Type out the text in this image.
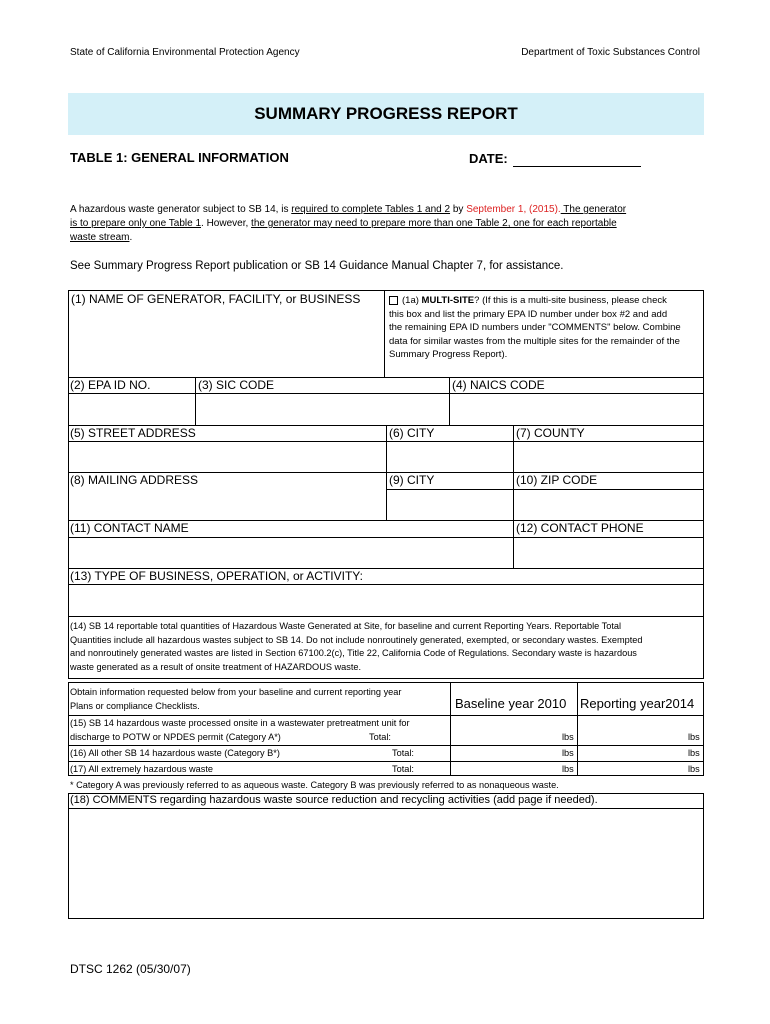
State of California Environmental Protection Agency	Department of Toxic Substances Control
SUMMARY PROGRESS REPORT
TABLE 1: GENERAL INFORMATION	DATE:
A hazardous waste generator subject to SB 14, is required to complete Tables 1 and 2 by September 1, (2015). The generator
is to prepare only one Table 1. However, the generator may need to prepare more than one Table 2, one for each reportable
waste stream.
See Summary Progress Report publication or SB 14 Guidance Manual Chapter 7, for assistance.
(1) NAME OF GENERATOR, FACILITY, or BUSINESS	(1a) MULTI-SITE? (If this is a multi-site business, please check
this box and list the primary EPA ID number under box #2 and add
the remaining EPA ID numbers under "COMMENTS" below. Combine
data for similar wastes from the multiple sites for the remainder of the
Summary Progress Report).
(2) EPA ID NO.	(3) SIC CODE	(4) NAICS CODE
(5) STREET ADDRESS	(6) CITY	(7) COUNTY
(8) MAILING ADDRESS	(9) CITY	(10) ZIP CODE
(11) CONTACT NAME	(12) CONTACT PHONE
(13) TYPE OF BUSINESS, OPERATION, or ACTIVITY:
(14) SB 14 reportable total quantities of Hazardous Waste Generated at Site, for baseline and current Reporting Years. Reportable Total
Quantities include all hazardous wastes subject to SB 14. Do not include nonroutinely generated, exempted, or secondary wastes. Exempted
and nonroutinely generated wastes are listed in Section 67100.2(c), Title 22, California Code of Regulations. Secondary waste is hazardous
waste generated as a result of onsite treatment of HAZARDOUS waste.
Obtain information requested below from your baseline and current reporting year
Plans or compliance Checklists.	Baseline year 2010 Reporting year2014
(15) SB 14 hazardous waste processed onsite in a wastewater pretreatment unit for
discharge to POTW or NPDES permit (Category A*)	Total:	lbs	lbs
(16) All other SB 14 hazardous waste (Category B*)	Total:	lbs	lbs
(17) All extremely hazardous waste	Total:	lbs	lbs
* Category A was previously referred to as aqueous waste. Category B was previously referred to as nonaqueous waste.
(18) COMMENTS regarding hazardous waste source reduction and recycling activities (add page if needed).
DTSC 1262 (05/30/07)
